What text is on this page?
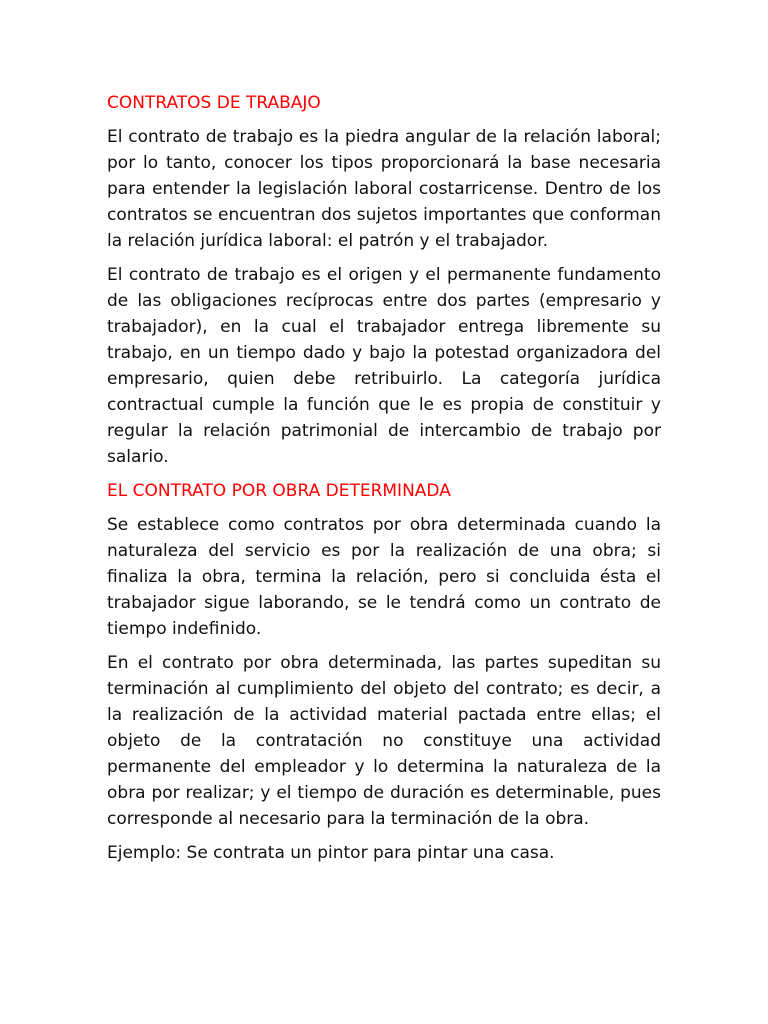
CONTRATOS DE TRABAJO

El contrato de trabajo es la piedra angular de la relación laboral; por lo tanto, conocer los tipos proporcionará la base necesaria para entender la legislación laboral costarricense. Dentro de los contratos se encuentran dos sujetos importantes que conforman la relación jurídica laboral: el patrón y el trabajador.

El contrato de trabajo es el origen y el permanente fundamento de las obligaciones recíprocas entre dos partes (empresario y trabajador), en la cual el trabajador entrega libremente su trabajo, en un tiempo dado y bajo la potestad organizadora del empresario, quien debe retribuirlo. La categoría jurídica contractual cumple la función que le es propia de constituir y regular la relación patrimonial de intercambio de trabajo por salario.

EL CONTRATO POR OBRA DETERMINADA

Se establece como contratos por obra determinada cuando la naturaleza del servicio es por la realización de una obra; si finaliza la obra, termina la relación, pero si concluida ésta el trabajador sigue laborando, se le tendrá como un contrato de tiempo indefinido.

En el contrato por obra determinada, las partes supeditan su terminación al cumplimiento del objeto del contrato; es decir, a la realización de la actividad material pactada entre ellas; el objeto de la contratación no constituye una actividad permanente del empleador y lo determina la naturaleza de la obra por realizar; y el tiempo de duración es determinable, pues corresponde al necesario para la terminación de la obra.

Ejemplo: Se contrata un pintor para pintar una casa.
